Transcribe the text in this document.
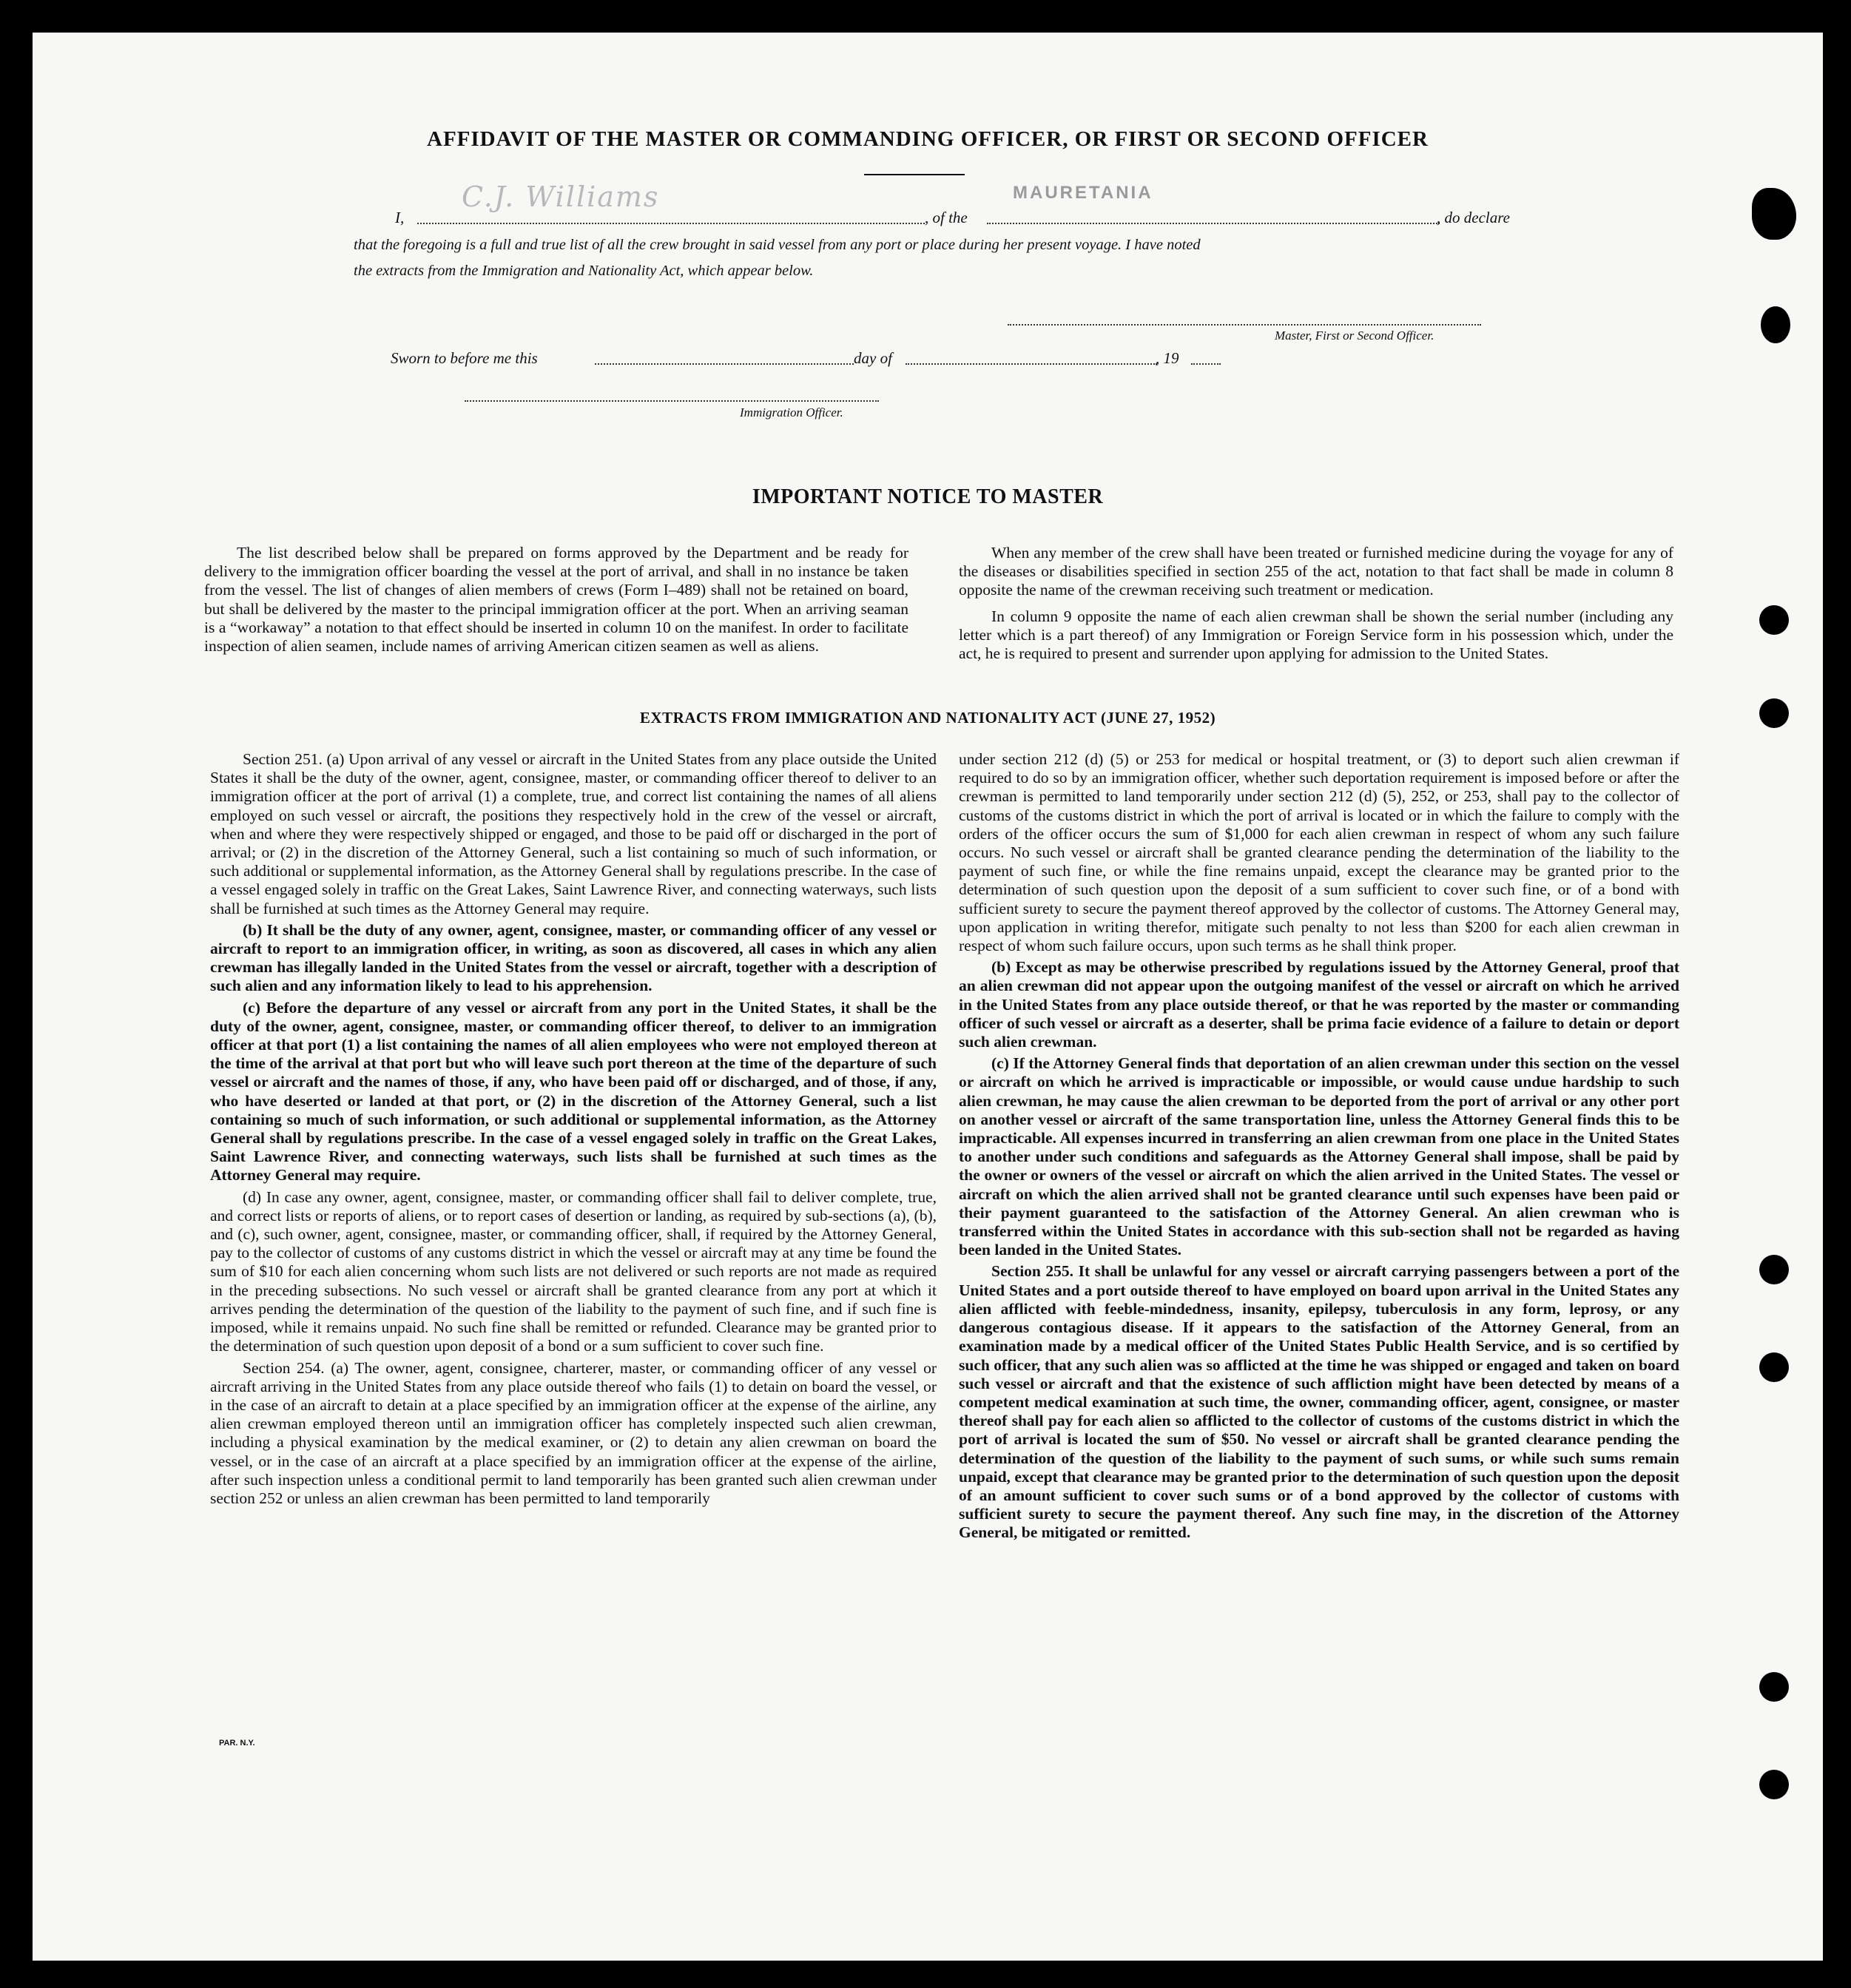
AFFIDAVIT OF THE MASTER OR COMMANDING OFFICER, OR FIRST OR SECOND OFFICER
I,
C.J. Williams
, of the
MAURETANIA
, do declare
that the foregoing is a full and true list of all the crew brought in said vessel from any port or place during her present voyage. I have noted
the extracts from the Immigration and Nationality Act, which appear below.
Master, First or Second Officer.
Sworn to before me this	day of	, 19
Immigration Officer.
IMPORTANT NOTICE TO MASTER

The list described below shall be prepared on forms approved by the Department and be ready for delivery to the immigration officer boarding the vessel at the port of arrival, and shall in no instance be taken from the vessel. The list of changes of alien members of crews (Form I–489) shall not be retained on board, but shall be delivered by the master to the principal immigration officer at the port. When an arriving seaman is a “workaway” a notation to that effect should be inserted in column 10 on the manifest. In order to facilitate inspection of alien seamen, include names of arriving American citizen seamen as well as aliens.

When any member of the crew shall have been treated or furnished medicine during the voyage for any of the diseases or disabilities specified in section 255 of the act, notation to that fact shall be made in column 8 opposite the name of the crewman receiving such treatment or medication.

In column 9 opposite the name of each alien crewman shall be shown the serial number (including any letter which is a part thereof) of any Immigration or Foreign Service form in his possession which, under the act, he is required to present and surrender upon applying for admission to the United States.

EXTRACTS FROM IMMIGRATION AND NATIONALITY ACT (JUNE 27, 1952)

Section 251. (a) Upon arrival of any vessel or aircraft in the United States from any place outside the United States it shall be the duty of the owner, agent, consignee, master, or commanding officer thereof to deliver to an immigration officer at the port of arrival (1) a complete, true, and correct list containing the names of all aliens employed on such vessel or aircraft, the positions they respectively hold in the crew of the vessel or aircraft, when and where they were respectively shipped or engaged, and those to be paid off or discharged in the port of arrival; or (2) in the discretion of the Attorney General, such a list containing so much of such information, or such additional or supplemental information, as the Attorney General shall by regulations prescribe. In the case of a vessel engaged solely in traffic on the Great Lakes, Saint Lawrence River, and connecting waterways, such lists shall be furnished at such times as the Attorney General may require.

(b) It shall be the duty of any owner, agent, consignee, master, or commanding officer of any vessel or aircraft to report to an immigration officer, in writing, as soon as discovered, all cases in which any alien crewman has illegally landed in the United States from the vessel or aircraft, together with a description of such alien and any information likely to lead to his apprehension.

(c) Before the departure of any vessel or aircraft from any port in the United States, it shall be the duty of the owner, agent, consignee, master, or commanding officer thereof, to deliver to an immigration officer at that port (1) a list containing the names of all alien employees who were not employed thereon at the time of the arrival at that port but who will leave such port thereon at the time of the departure of such vessel or aircraft and the names of those, if any, who have been paid off or discharged, and of those, if any, who have deserted or landed at that port, or (2) in the discretion of the Attorney General, such a list containing so much of such information, or such additional or supplemental information, as the Attorney General shall by regulations prescribe. In the case of a vessel engaged solely in traffic on the Great Lakes, Saint Lawrence River, and connecting waterways, such lists shall be furnished at such times as the Attorney General may require.

(d) In case any owner, agent, consignee, master, or commanding officer shall fail to deliver complete, true, and correct lists or reports of aliens, or to report cases of desertion or landing, as required by sub-sections (a), (b), and (c), such owner, agent, consignee, master, or commanding officer, shall, if required by the Attorney General, pay to the collector of customs of any customs district in which the vessel or aircraft may at any time be found the sum of $10 for each alien concerning whom such lists are not delivered or such reports are not made as required in the preceding subsections. No such vessel or aircraft shall be granted clearance from any port at which it arrives pending the determination of the question of the liability to the payment of such fine, and if such fine is imposed, while it remains unpaid. No such fine shall be remitted or refunded. Clearance may be granted prior to the determination of such question upon deposit of a bond or a sum sufficient to cover such fine.

Section 254. (a) The owner, agent, consignee, charterer, master, or commanding officer of any vessel or aircraft arriving in the United States from any place outside thereof who fails (1) to detain on board the vessel, or in the case of an aircraft to detain at a place specified by an immigration officer at the expense of the airline, any alien crewman employed thereon until an immigration officer has completely inspected such alien crewman, including a physical examination by the medical examiner, or (2) to detain any alien crewman on board the vessel, or in the case of an aircraft at a place specified by an immigration officer at the expense of the airline, after such inspection unless a conditional permit to land temporarily has been granted such alien crewman under section 252 or unless an alien crewman has been permitted to land temporarily

under section 212 (d) (5) or 253 for medical or hospital treatment, or (3) to deport such alien crewman if required to do so by an immigration officer, whether such deportation requirement is imposed before or after the crewman is permitted to land temporarily under section 212 (d) (5), 252, or 253, shall pay to the collector of customs of the customs district in which the port of arrival is located or in which the failure to comply with the orders of the officer occurs the sum of $1,000 for each alien crewman in respect of whom any such failure occurs. No such vessel or aircraft shall be granted clearance pending the determination of the liability to the payment of such fine, or while the fine remains unpaid, except the clearance may be granted prior to the determination of such question upon the deposit of a sum sufficient to cover such fine, or of a bond with sufficient surety to secure the payment thereof approved by the collector of customs. The Attorney General may, upon application in writing therefor, mitigate such penalty to not less than $200 for each alien crewman in respect of whom such failure occurs, upon such terms as he shall think proper.

(b) Except as may be otherwise prescribed by regulations issued by the Attorney General, proof that an alien crewman did not appear upon the outgoing manifest of the vessel or aircraft on which he arrived in the United States from any place outside thereof, or that he was reported by the master or commanding officer of such vessel or aircraft as a deserter, shall be prima facie evidence of a failure to detain or deport such alien crewman.

(c) If the Attorney General finds that deportation of an alien crewman under this section on the vessel or aircraft on which he arrived is impracticable or impossible, or would cause undue hardship to such alien crewman, he may cause the alien crewman to be deported from the port of arrival or any other port on another vessel or aircraft of the same transportation line, unless the Attorney General finds this to be impracticable. All expenses incurred in transferring an alien crewman from one place in the United States to another under such conditions and safeguards as the Attorney General shall impose, shall be paid by the owner or owners of the vessel or aircraft on which the alien arrived in the United States. The vessel or aircraft on which the alien arrived shall not be granted clearance until such expenses have been paid or their payment guaranteed to the satisfaction of the Attorney General. An alien crewman who is transferred within the United States in accordance with this sub-section shall not be regarded as having been landed in the United States.

Section 255. It shall be unlawful for any vessel or aircraft carrying passengers between a port of the United States and a port outside thereof to have employed on board upon arrival in the United States any alien afflicted with feeble-mindedness, insanity, epilepsy, tuberculosis in any form, leprosy, or any dangerous contagious disease. If it appears to the satisfaction of the Attorney General, from an examination made by a medical officer of the United States Public Health Service, and is so certified by such officer, that any such alien was so afflicted at the time he was shipped or engaged and taken on board such vessel or aircraft and that the existence of such affliction might have been detected by means of a competent medical examination at such time, the owner, commanding officer, agent, consignee, or master thereof shall pay for each alien so afflicted to the collector of customs of the customs district in which the port of arrival is located the sum of $50. No vessel or aircraft shall be granted clearance pending the determination of the question of the liability to the payment of such sums, or while such sums remain unpaid, except that clearance may be granted prior to the determination of such question upon the deposit of an amount sufficient to cover such sums or of a bond approved by the collector of customs with sufficient surety to secure the payment thereof. Any such fine may, in the discretion of the Attorney General, be mitigated or remitted.

PAR. N.Y.
